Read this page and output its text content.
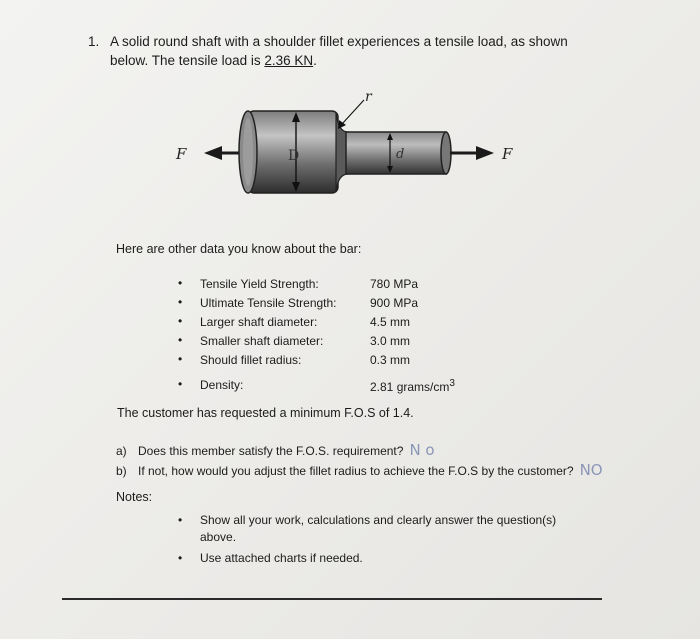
1. A solid round shaft with a shoulder fillet experiences a tensile load, as shown
below. The tensile load is 2.36 KN.
F	D	d
r
F
Here are other data you know about the bar:
• Tensile Yield Strength:	780 MPa
• Ultimate Tensile Strength:	900 MPa
• Larger shaft diameter:	4.5 mm
• Smaller shaft diameter:	3.0 mm
• Should fillet radius:	0.3 mm
• Density:	2.81 grams/$cm^3$
The customer has requested a minimum F.O.S of 1.4.
a) Does this member satisfy the F.O.S. requirement? N o
b) If not, how would you adjust the fillet radius to achieve the F.O.S by the customer? NO
Notes:
• Show all your work, calculations and clearly answer the question(s) above.
• Use attached charts if needed.
